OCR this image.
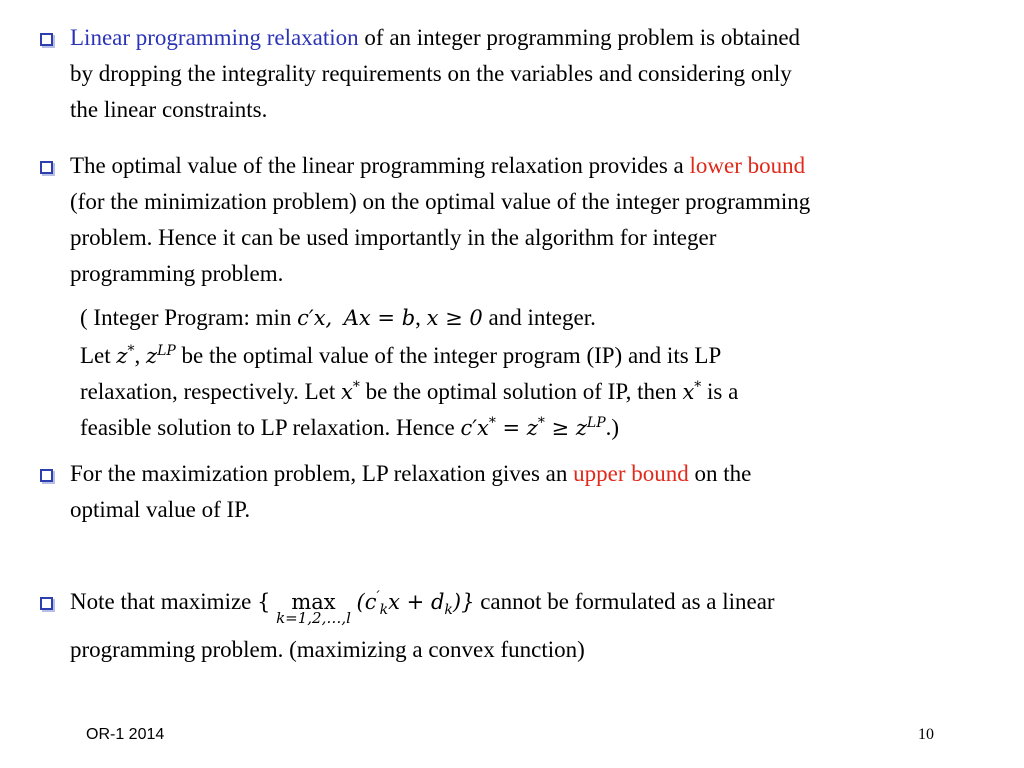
Linear programming relaxation of an integer programming problem is obtained
by dropping the integrality requirements on the variables and considering only
the linear constraints.
The optimal value of the linear programming relaxation provides a lower bound
(for the minimization problem) on the optimal value of the integer programming
problem. Hence it can be used importantly in the algorithm for integer
programming problem.
( Integer Program: min c′x, Ax = b, x ≥ 0 and integer.
Let z*, $z^{LP}$ be the optimal value of the integer program (IP) and its LP
relaxation, respectively. Let x* be the optimal solution of IP, then x* is a
feasible solution to LP relaxation. Hence $c'x^* = z^* \ge z^{LP}$.)
For the maximization problem, LP relaxation gives an upper bound on the
optimal value of IP.
Note that maximize { max
k=1,2,…,l
$(c'_kx + d_k)$} cannot be formulated as a linear
programming problem. (maximizing a convex function)
OR-1 2014	10
